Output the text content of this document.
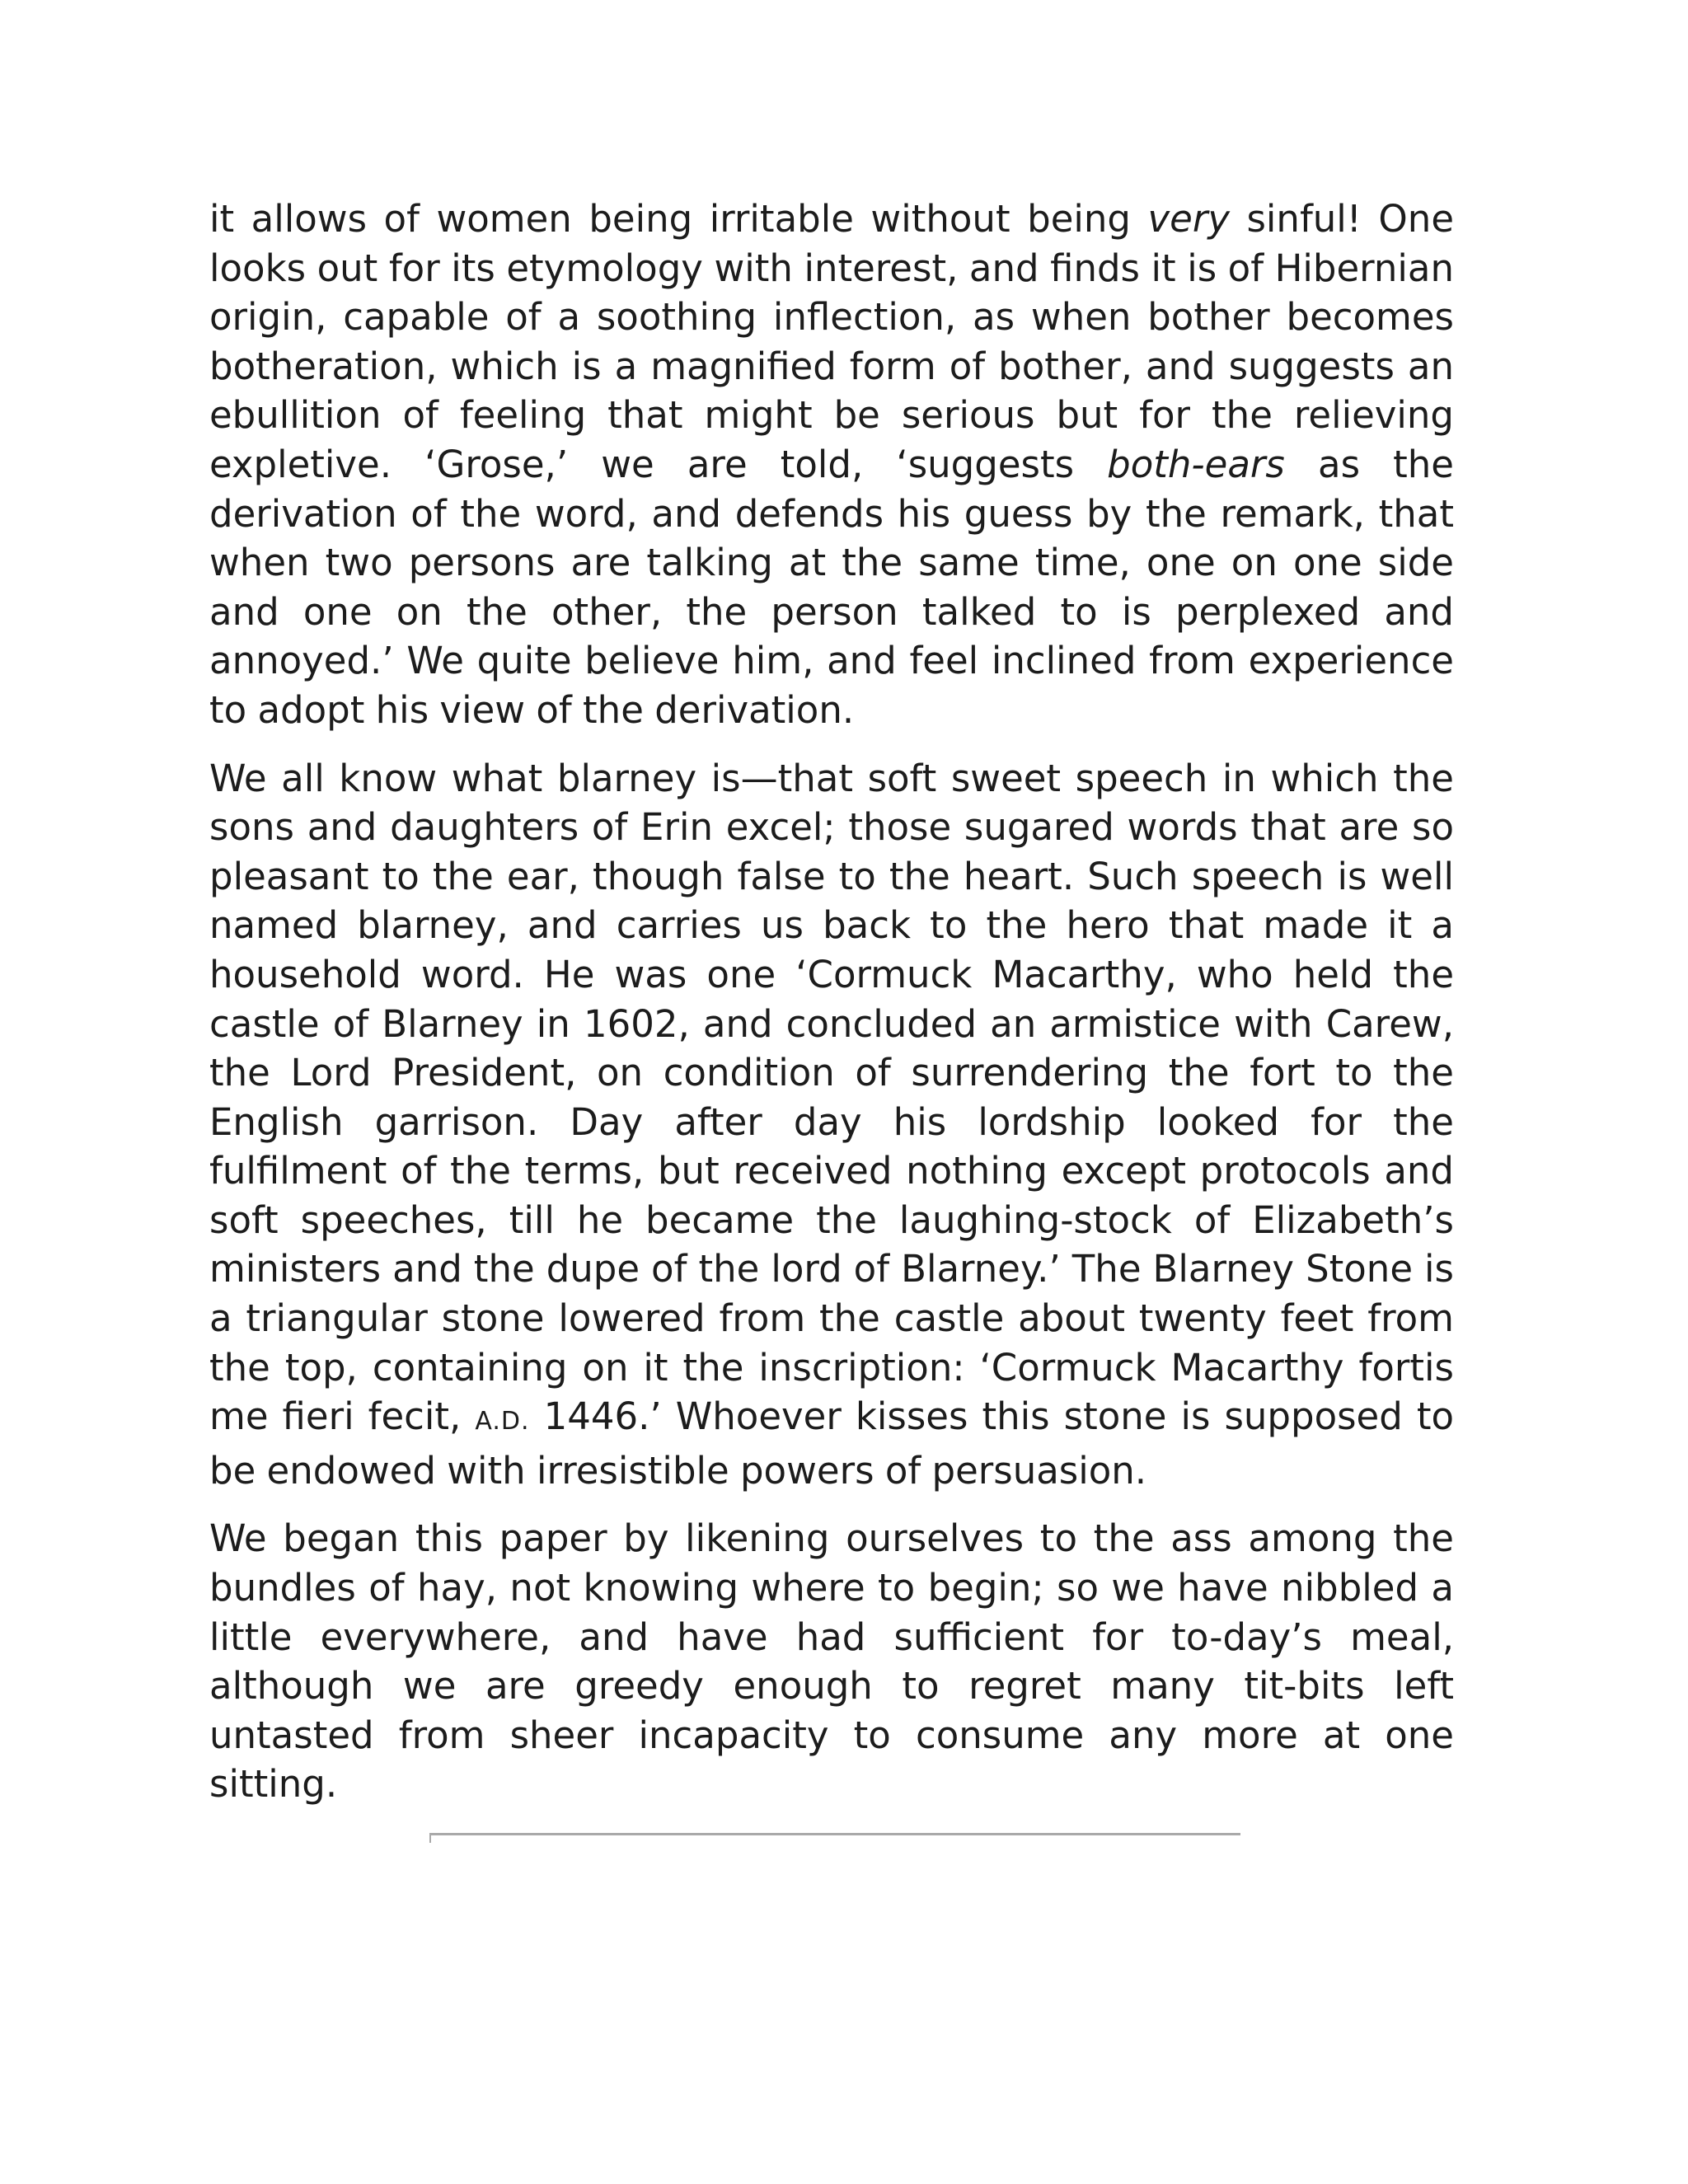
it allows of women being irritable without being very sinful! One looks out for its etymology with interest, and finds it is of Hibernian origin, capable of a soothing inflection, as when bother becomes botheration, which is a magnified form of bother, and suggests an ebullition of feeling that might be serious but for the relieving expletive. ‘Grose,’ we are told, ‘suggests both-ears as the derivation of the word, and defends his guess by the remark, that when two persons are talking at the same time, one on one side and one on the other, the person talked to is perplexed and annoyed.’ We quite believe him, and feel inclined from experience to adopt his view of the derivation.

We all know what blarney is—that soft sweet speech in which the sons and daughters of Erin excel; those sugared words that are so pleasant to the ear, though false to the heart. Such speech is well named blarney, and carries us back to the hero that made it a household word. He was one ‘Cormuck Macarthy, who held the castle of Blarney in 1602, and concluded an armistice with Carew, the Lord President, on condition of surrendering the fort to the English garrison. Day after day his lordship looked for the fulfilment of the terms, but received nothing except protocols and soft speeches, till he became the laughing-stock of Elizabeth’s ministers and the dupe of the lord of Blarney.’ The Blarney Stone is a triangular stone lowered from the castle about twenty feet from the top, containing on it the inscription: ‘Cormuck Macarthy fortis me fieri fecit, A.D. 1446.’ Whoever kisses this stone is supposed to be endowed with irresistible powers of persuasion.

We began this paper by likening ourselves to the ass among the bundles of hay, not knowing where to begin; so we have nibbled a little everywhere, and have had sufficient for to-day’s meal, although we are greedy enough to regret many tit-bits left untasted from sheer incapacity to consume any more at one sitting.
